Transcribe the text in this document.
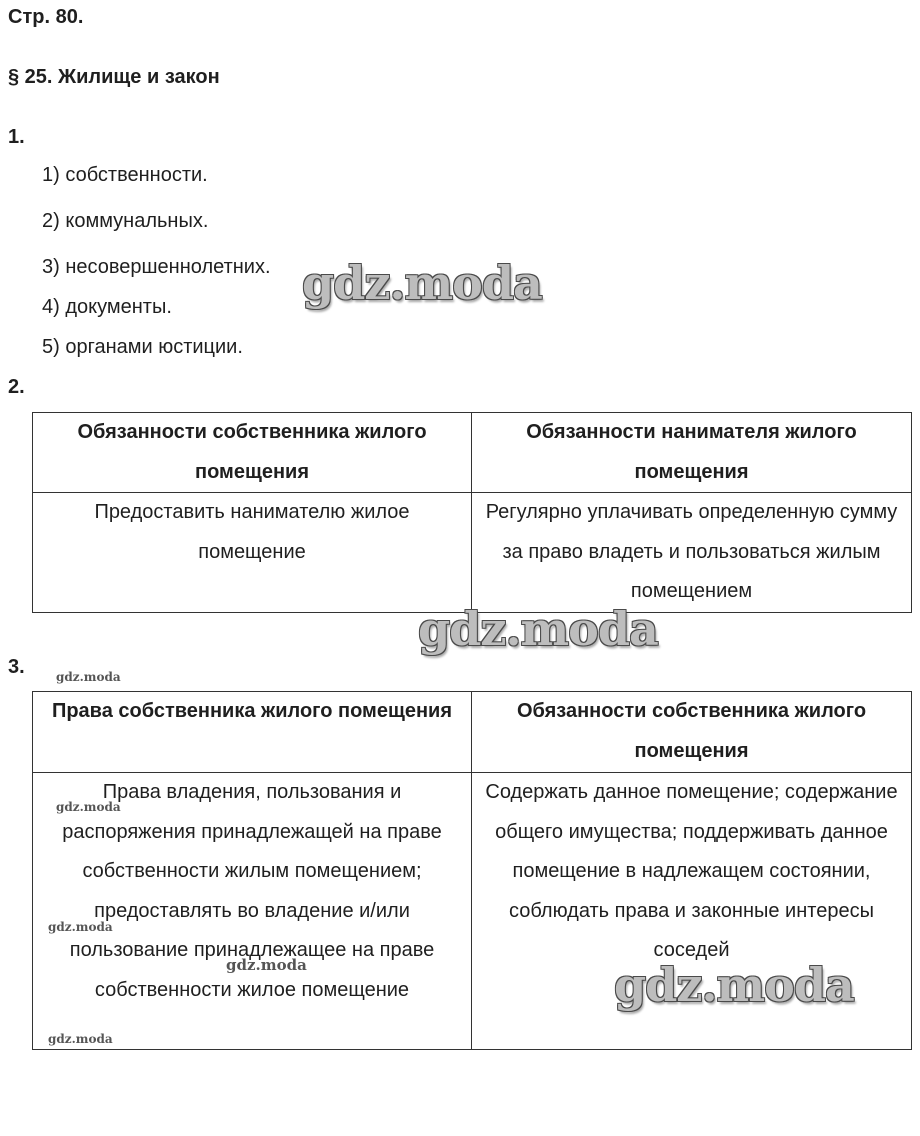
Стр. 80.
§ 25. Жилище и закон
1.
1) собственности.
2) коммунальных.
3) несовершеннолетних.
4) документы.
5) органами юстиции.
2.
Обязанности собственника жилого помещения	Обязанности нанимателя жилого помещения
Предоставить нанимателю жилое помещение	Регулярно уплачивать определенную сумму за право владеть и пользоваться жилым помещением
3.
Права собственника жилого помещения	Обязанности собственника жилого помещения
Права владения, пользования и распоряжения принадлежащей на праве собственности жилым помещением; предоставлять во владение и/или пользование принадлежащее на праве собственности жилое помещение	Содержать данное помещение; содержание общего имущества; поддерживать данное помещение в надлежащем состоянии, соблюдать права и законные интересы соседей
gdz.moda
gdz.moda
gdz.moda
gdz.moda
gdz.moda
gdz.moda
gdz.moda
gdz.moda
